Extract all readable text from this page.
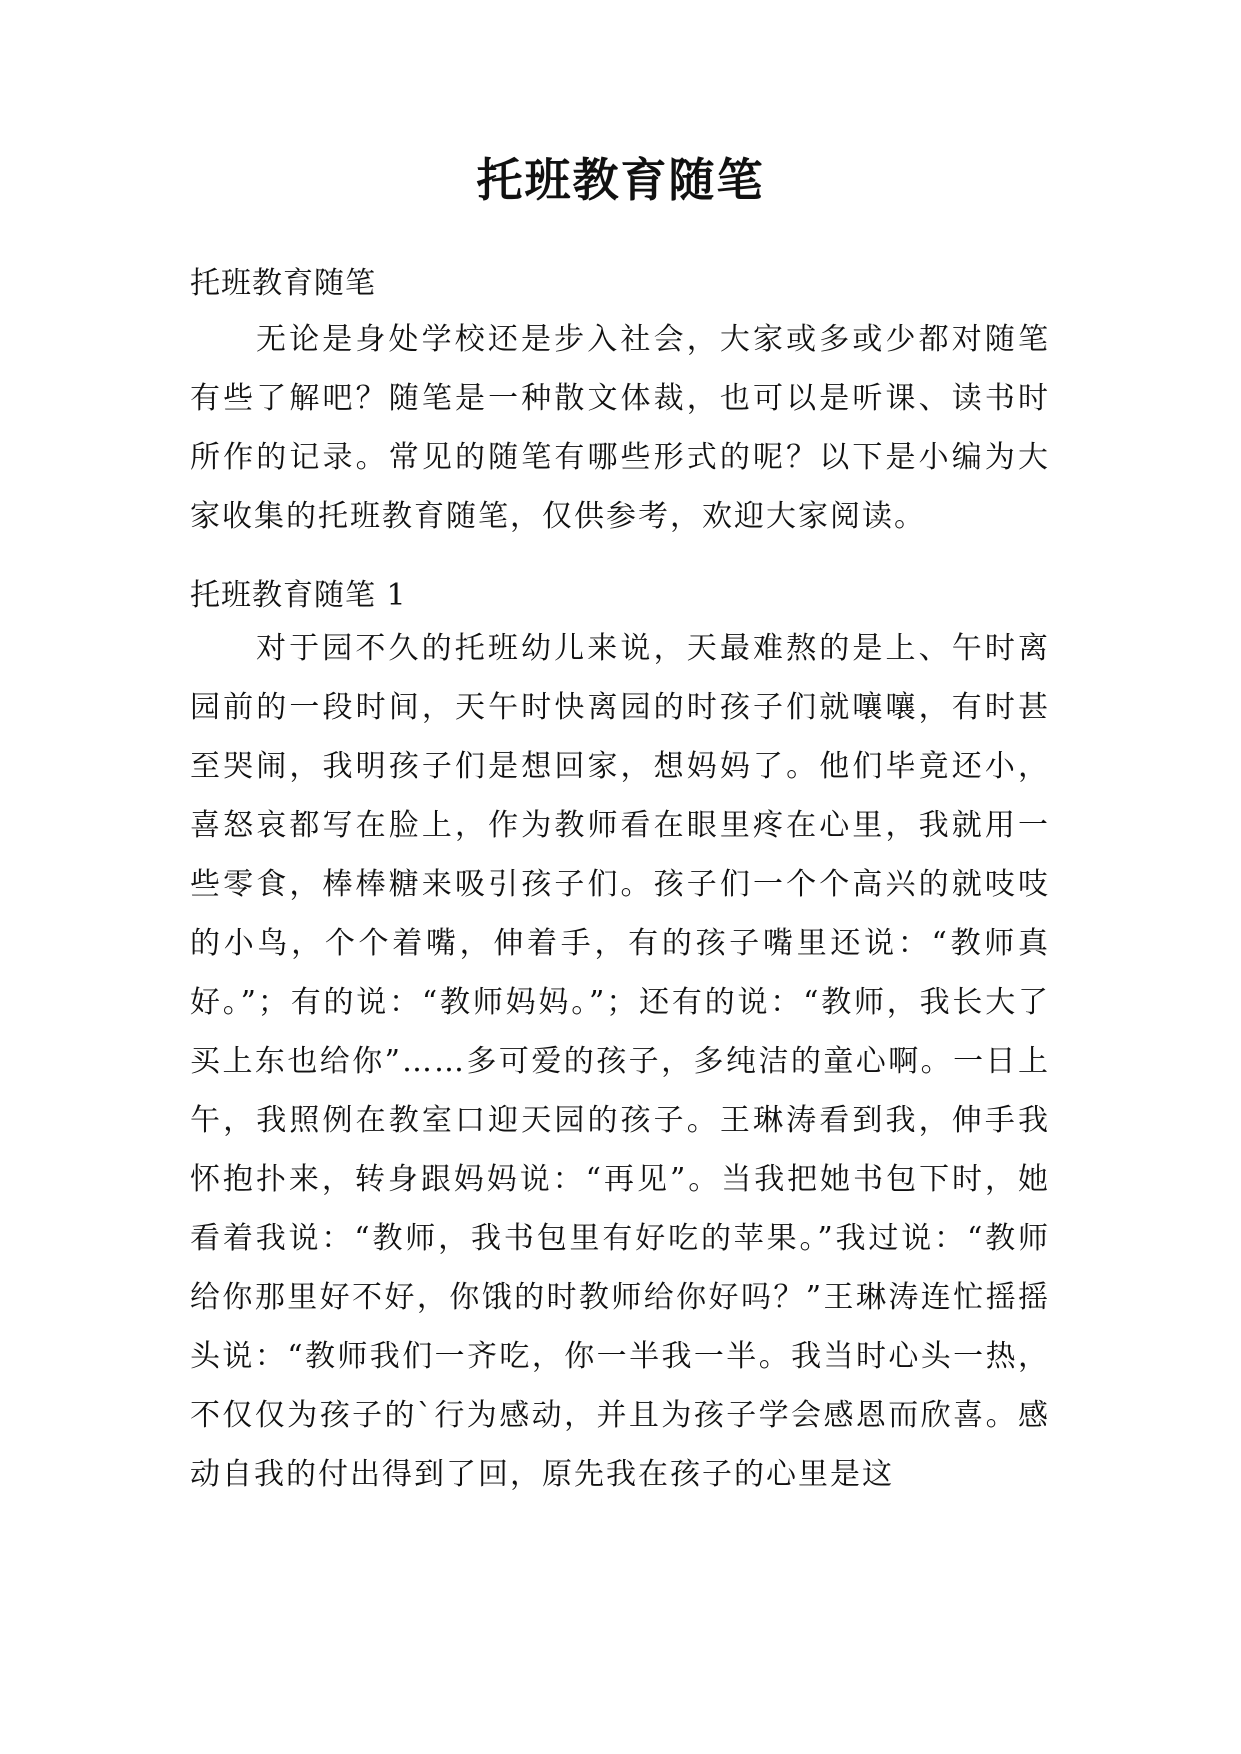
托班教育随笔
托班教育随笔

无论是身处学校还是步入社会，大家或多或少都对随笔有些了解吧？随笔是一种散文体裁，也可以是听课、读书时所作的记录。常见的随笔有哪些形式的呢？以下是小编为大家收集的托班教育随笔，仅供参考，欢迎大家阅读。

托班教育随笔 1

对于园不久的托班幼儿来说，天最难熬的是上、午时离园前的一段时间，天午时快离园的时孩子们就嚷嚷，有时甚至哭闹，我明孩子们是想回家，想妈妈了。他们毕竟还小，喜怒哀都写在脸上，作为教师看在眼里疼在心里，我就用一些零食，棒棒糖来吸引孩子们。孩子们一个个高兴的就吱吱的小鸟，个个着嘴，伸着手，有的孩子嘴里还说：“教师真好。”；有的说：“教师妈妈。”；还有的说：“教师，我长大了买上东也给你”……多可爱的孩子，多纯洁的童心啊。一日上午，我照例在教室口迎天园的孩子。王琳涛看到我，伸手我怀抱扑来，转身跟妈妈说：“再见”。当我把她书包下时，她看着我说：“教师，我书包里有好吃的苹果。”我过说：“教师给你那里好不好，你饿的时教师给你好吗？”王琳涛连忙摇摇头说：“教师我们一齐吃，你一半我一半。我当时心头一热，不仅仅为孩子的`行为感动，并且为孩子学会感恩而欣喜。感动自我的付出得到了回，原先我在孩子的心里是这
